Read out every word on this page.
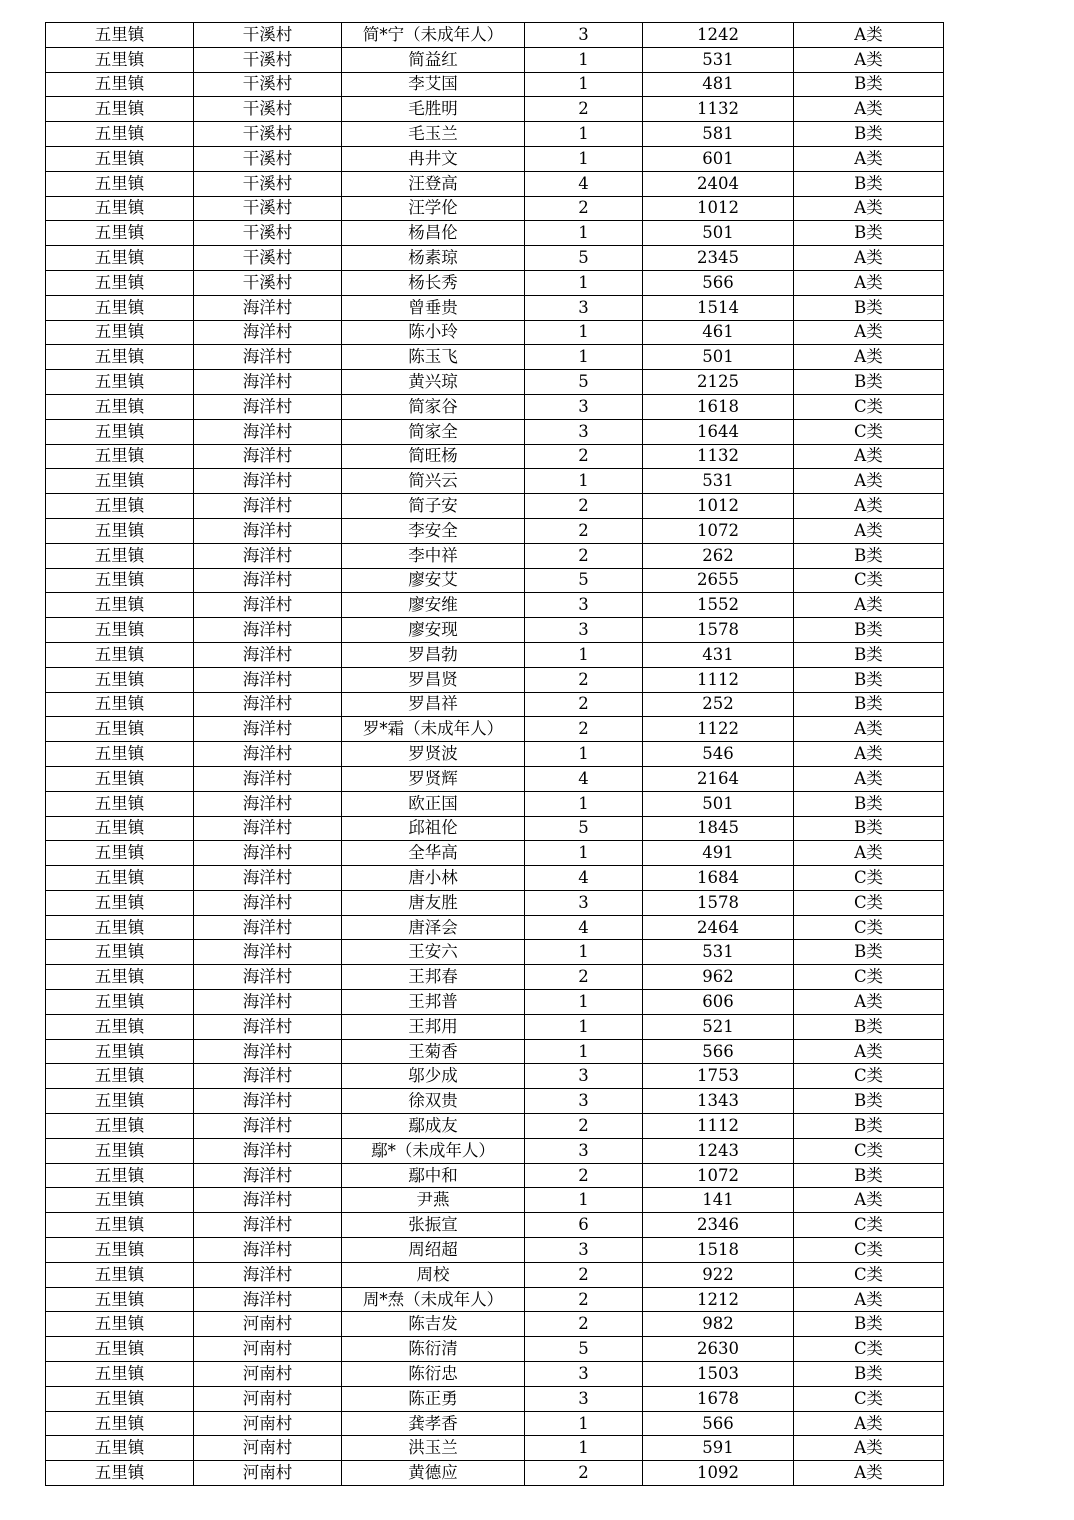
五里镇	干溪村	简*宁（未成年人）	3	1242	A类
五里镇	干溪村	简益红	1	531	A类
五里镇	干溪村	李艾国	1	481	B类
五里镇	干溪村	毛胜明	2	1132	A类
五里镇	干溪村	毛玉兰	1	581	B类
五里镇	干溪村	冉井文	1	601	A类
五里镇	干溪村	汪登高	4	2404	B类
五里镇	干溪村	汪学伦	2	1012	A类
五里镇	干溪村	杨昌伦	1	501	B类
五里镇	干溪村	杨素琼	5	2345	A类
五里镇	干溪村	杨长秀	1	566	A类
五里镇	海洋村	曾垂贵	3	1514	B类
五里镇	海洋村	陈小玲	1	461	A类
五里镇	海洋村	陈玉飞	1	501	A类
五里镇	海洋村	黄兴琼	5	2125	B类
五里镇	海洋村	简家谷	3	1618	C类
五里镇	海洋村	简家全	3	1644	C类
五里镇	海洋村	简旺杨	2	1132	A类
五里镇	海洋村	简兴云	1	531	A类
五里镇	海洋村	简子安	2	1012	A类
五里镇	海洋村	李安全	2	1072	A类
五里镇	海洋村	李中祥	2	262	B类
五里镇	海洋村	廖安艾	5	2655	C类
五里镇	海洋村	廖安维	3	1552	A类
五里镇	海洋村	廖安现	3	1578	B类
五里镇	海洋村	罗昌勃	1	431	B类
五里镇	海洋村	罗昌贤	2	1112	B类
五里镇	海洋村	罗昌祥	2	252	B类
五里镇	海洋村	罗*霜（未成年人）	2	1122	A类
五里镇	海洋村	罗贤波	1	546	A类
五里镇	海洋村	罗贤辉	4	2164	A类
五里镇	海洋村	欧正国	1	501	B类
五里镇	海洋村	邱祖伦	5	1845	B类
五里镇	海洋村	全华高	1	491	A类
五里镇	海洋村	唐小林	4	1684	C类
五里镇	海洋村	唐友胜	3	1578	C类
五里镇	海洋村	唐泽会	4	2464	C类
五里镇	海洋村	王安六	1	531	B类
五里镇	海洋村	王邦春	2	962	C类
五里镇	海洋村	王邦普	1	606	A类
五里镇	海洋村	王邦用	1	521	B类
五里镇	海洋村	王菊香	1	566	A类
五里镇	海洋村	邬少成	3	1753	C类
五里镇	海洋村	徐双贵	3	1343	B类
五里镇	海洋村	鄢成友	2	1112	B类
五里镇	海洋村	鄢*（未成年人）	3	1243	C类
五里镇	海洋村	鄢中和	2	1072	B类
五里镇	海洋村	尹燕	1	141	A类
五里镇	海洋村	张振宣	6	2346	C类
五里镇	海洋村	周绍超	3	1518	C类
五里镇	海洋村	周校	2	922	C类
五里镇	海洋村	周*焘（未成年人）	2	1212	A类
五里镇	河南村	陈吉发	2	982	B类
五里镇	河南村	陈衍清	5	2630	C类
五里镇	河南村	陈衍忠	3	1503	B类
五里镇	河南村	陈正勇	3	1678	C类
五里镇	河南村	龚孝香	1	566	A类
五里镇	河南村	洪玉兰	1	591	A类
五里镇	河南村	黄德应	2	1092	A类
